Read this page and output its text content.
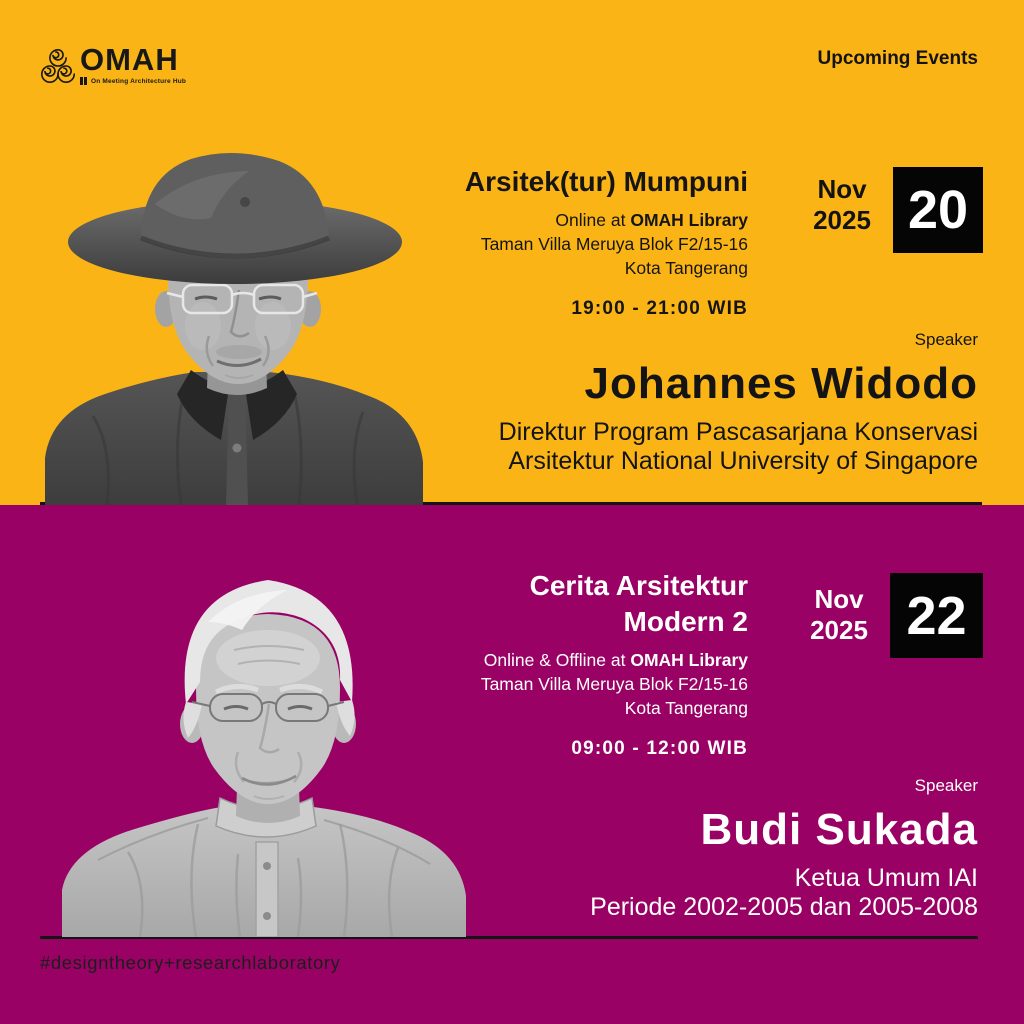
OMAH
On Meeting Architecture Hub
Upcoming Events
Arsitek(tur) Mumpuni

Online at OMAH Library

Taman Villa Meruya Blok F2/15-16

Kota Tangerang

19:00 - 21:00 WIB

Nov
2025 20
Speaker
Johannes Widodo
Direktur Program Pascasarjana Konservasi
Arsitektur National University of Singapore
Cerita Arsitektur
Modern 2

Online & Offline at OMAH Library

Taman Villa Meruya Blok F2/15-16

Kota Tangerang

09:00 - 12:00 WIB

Nov
2025 22
Speaker
Budi Sukada
Ketua Umum IAI
Periode 2002-2005 dan 2005-2008
#designtheory+researchlaboratory
